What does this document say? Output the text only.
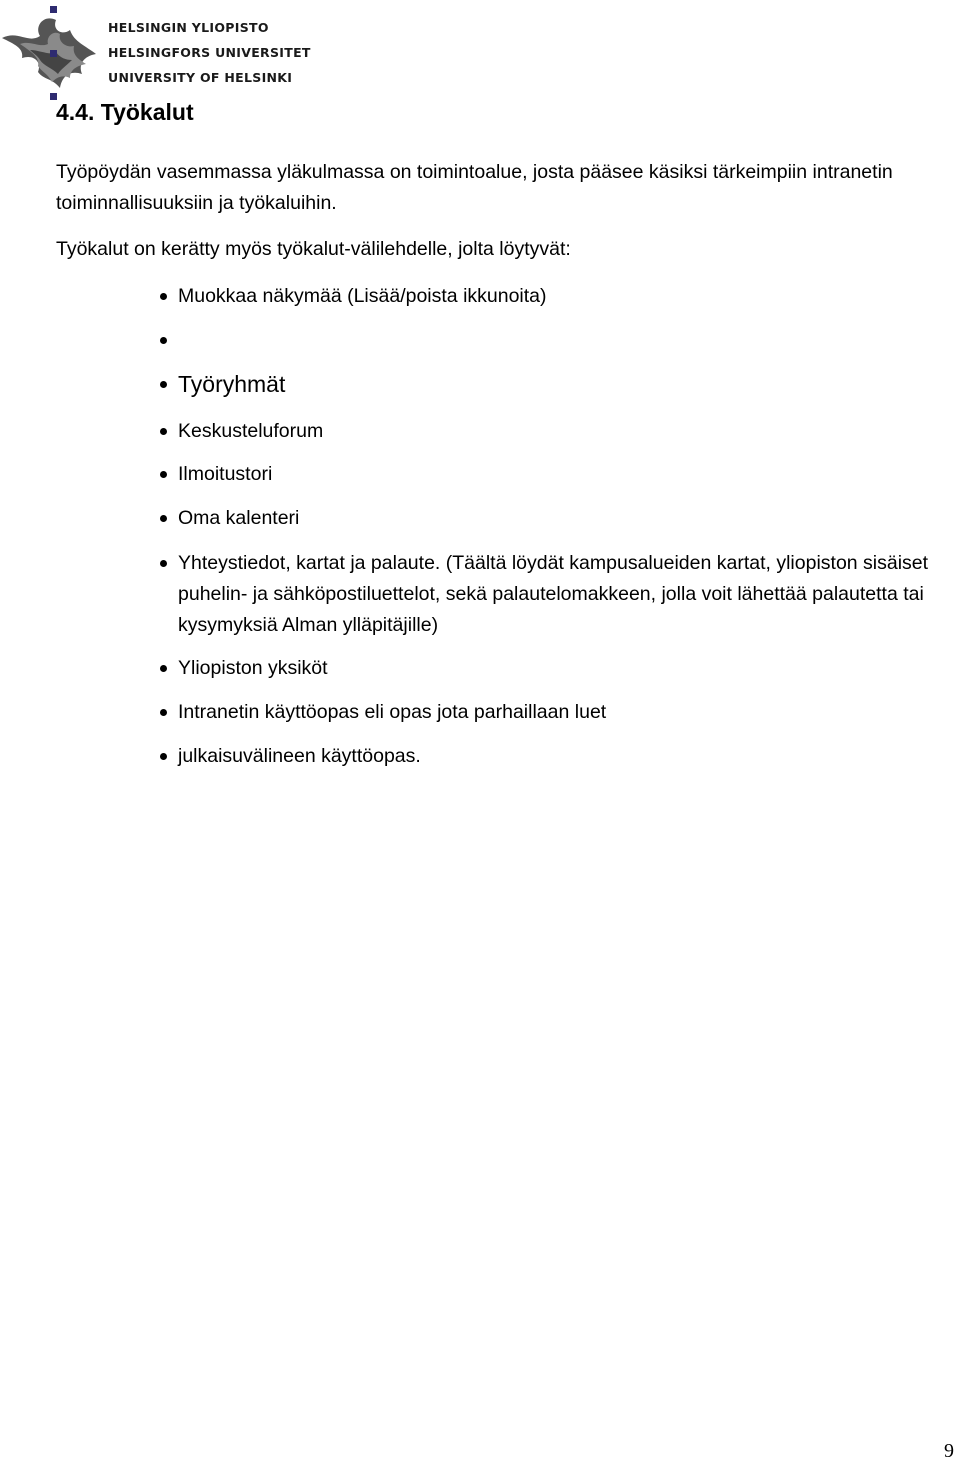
HELSINGIN YLIOPISTO
HELSINGFORS UNIVERSITET
UNIVERSITY OF HELSINKI
4.4. Työkalut

Työpöydän vasemmassa yläkulmassa on toimintoalue, josta pääsee käsiksi tärkeimpiin intranetin toiminnallisuuksiin ja työkaluihin.

Työkalut on kerätty myös työkalut-välilehdelle, jolta löytyvät:

Muokkaa näkymää (Lisää/poista ikkunoita)

Työryhmät

Keskusteluforum

Ilmoitustori

Oma kalenteri

Yhteystiedot, kartat ja palaute. (Täältä löydät kampusalueiden kartat, yliopiston sisäiset puhelin- ja sähköpostiluettelot, sekä palautelomakkeen, jolla voit lähettää palautetta tai kysymyksiä Alman ylläpitäjille)

Yliopiston yksiköt

Intranetin käyttöopas eli opas jota parhaillaan luet

julkaisuvälineen käyttöopas.

9
